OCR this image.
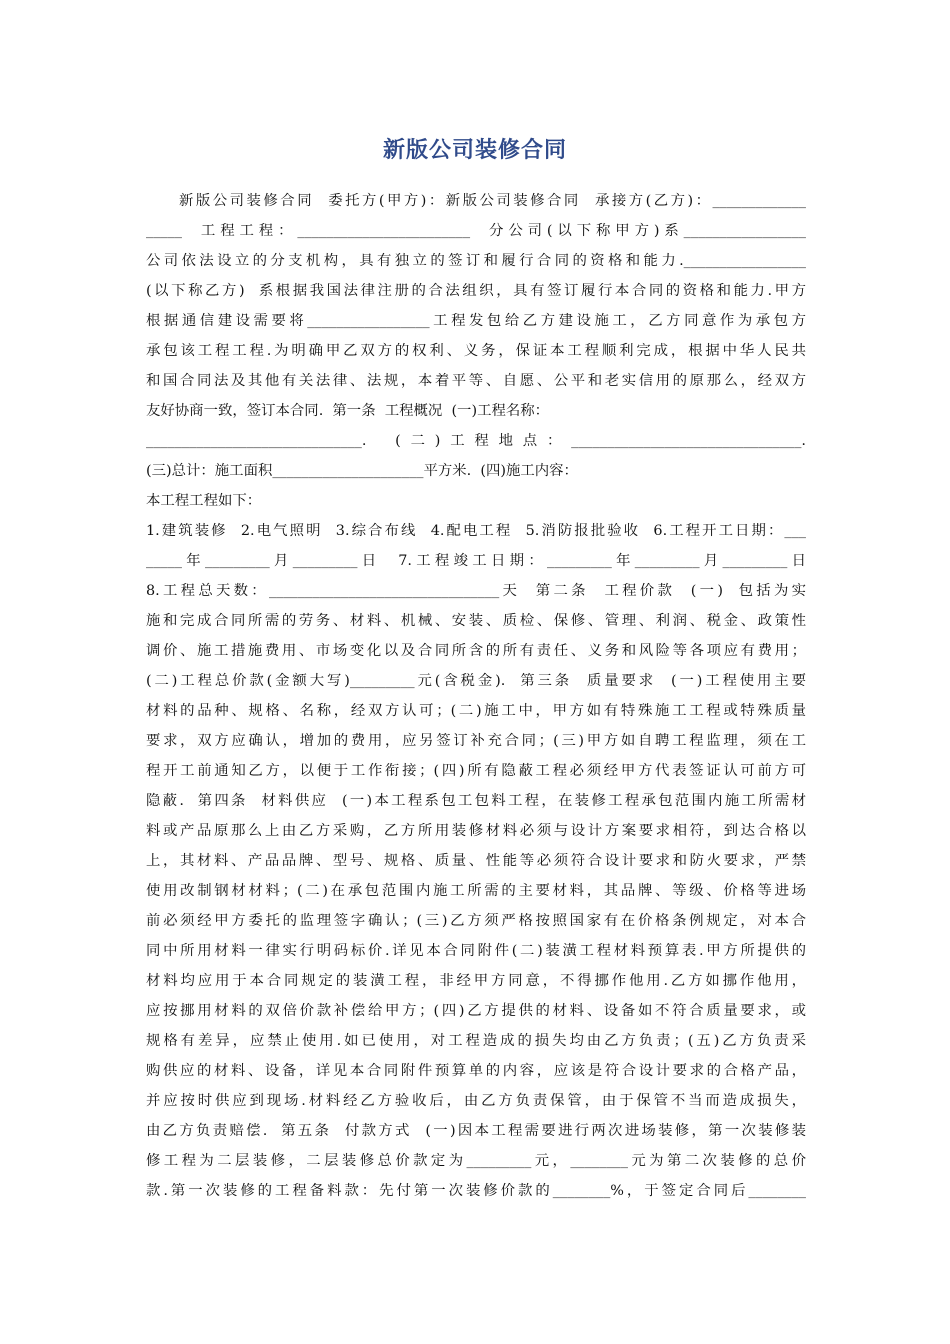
新版公司装修合同
新版公司装修合同  委托方(甲方)：新版公司装修合同  承接方(乙方)：_____________
_____  工程工程：________________________  分公司(以下称甲方)系_________________
公司依法设立的分支机构，具有独立的签订和履行合同的资格和能力._________________
(以下称乙方)  系根据我国法律注册的合法组织，具有签订履行本合同的资格和能力.甲方
根据通信建设需要将_________________工程发包给乙方建设施工，乙方同意作为承包方
承包该工程工程.为明确甲乙双方的权利、义务，保证本工程顺利完成，根据中华人民共
和国合同法及其他有关法律、法规，本着平等、自愿、公平和老实信用的原那么，经双方
友好协商一致，签订本合同.  第一条  工程概况  (一)工程名称：
______________________________.  (二)工程地点：________________________________.
(三)总计：施工面积_____________________平方米.  (四)施工内容：
本工程工程如下：
1.建筑装修  2.电气照明  3.综合布线  4.配电工程  5.消防报批验收  6.工程开工日期：___
_____年_________月_________日  7.工程竣工日期：_________年_________月_________日
8.工程总天数：________________________________天  第二条  工程价款  (一)  包括为实
施和完成合同所需的劳务、材料、机械、安装、质检、保修、管理、利润、税金、政策性
调价、施工措施费用、市场变化以及合同所含的所有责任、义务和风险等各项应有费用；
(二)工程总价款(金额大写)_________元(含税金).  第三条  质量要求  (一)工程使用主要
材料的品种、规格、名称，经双方认可；(二)施工中，甲方如有特殊施工工程或特殊质量
要求，双方应确认，增加的费用，应另签订补充合同；(三)甲方如自聘工程监理，须在工
程开工前通知乙方，以便于工作衔接；(四)所有隐蔽工程必须经甲方代表签证认可前方可
隐蔽.  第四条  材料供应  (一)本工程系包工包料工程，在装修工程承包范围内施工所需材
料或产品原那么上由乙方采购，乙方所用装修材料必须与设计方案要求相符，到达合格以
上，其材料、产品品牌、型号、规格、质量、性能等必须符合设计要求和防火要求，严禁
使用改制钢材材料；(二)在承包范围内施工所需的主要材料，其品牌、等级、价格等进场
前必须经甲方委托的监理签字确认；(三)乙方须严格按照国家有在价格条例规定，对本合
同中所用材料一律实行明码标价.详见本合同附件(二)装潢工程材料预算表.甲方所提供的
材料均应用于本合同规定的装潢工程，非经甲方同意，不得挪作他用.乙方如挪作他用，
应按挪用材料的双倍价款补偿给甲方；(四)乙方提供的材料、设备如不符合质量要求，或
规格有差异，应禁止使用.如已使用，对工程造成的损失均由乙方负责；(五)乙方负责采
购供应的材料、设备，详见本合同附件预算单的内容，应该是符合设计要求的合格产品，
并应按时供应到现场.材料经乙方验收后，由乙方负责保管，由于保管不当而造成损失，
由乙方负责赔偿.  第五条  付款方式  (一)因本工程需要进行两次进场装修，第一次装修装
修工程为二层装修，二层装修总价款定为_________元，________元为第二次装修的总价
款.第一次装修的工程备料款：先付第一次装修价款的________%，于签定合同后________
